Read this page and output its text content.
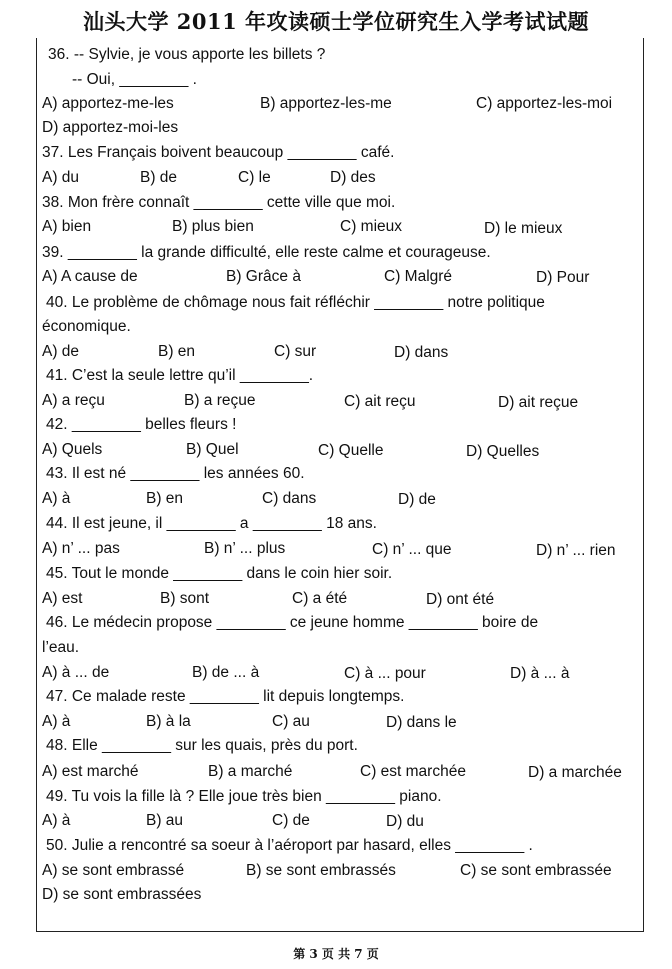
汕头大学 2011 年攻读硕士学位研究生入学考试试题
36. -- Sylvie, je vous apporte les billets ?
-- Oui, ________ .
A) apportez-me-les	B) apportez-les-me	C) apportez-les-moi
D) apportez-moi-les
37. Les Français boivent beaucoup ________ café.
A) du	B) de	C) le	D) des
38. Mon frère connaît ________ cette ville que moi.
A) bien	B) plus bien	C) mieux	D) le mieux
39. ________ la grande difficulté, elle reste calme et courageuse.
A) A cause de	B) Grâce à	C) Malgré	D) Pour
40. Le problème de chômage nous fait réfléchir ________ notre politique
économique.
A) de	B) en	C) sur	D) dans
41. C’est la seule lettre qu’il ________.
A) a reçu	B) a reçue	C) ait reçu	D) ait reçue
42. ________ belles fleurs !
A) Quels	B) Quel	C) Quelle	D) Quelles
43. Il est né ________ les années 60.
A) à	B) en	C) dans	D) de
44. Il est jeune, il ________ a ________ 18 ans.
A) n’ ... pas	B) n’ ... plus	C) n’ ... que	D) n’ ... rien
45. Tout le monde ________ dans le coin hier soir.
A) est	B) sont	C) a été	D) ont été
46. Le médecin propose ________ ce jeune homme ________ boire de
l’eau.
A) à ... de	B) de ... à	C) à ... pour	D) à ... à
47. Ce malade reste ________ lit depuis longtemps.
A) à	B) à la	C) au	D) dans le
48. Elle ________ sur les quais, près du port.
A) est marché	B) a marché	C) est marchée	D) a marchée
49. Tu vois la fille là ? Elle joue très bien ________ piano.
A) à	B) au	C) de	D) du
50. Julie a rencontré sa soeur à l’aéroport par hasard, elles ________ .
A) se sont embrassé	B) se sont embrassés	C) se sont embrassée
D) se sont embrassées
第 3 页 共 7 页
